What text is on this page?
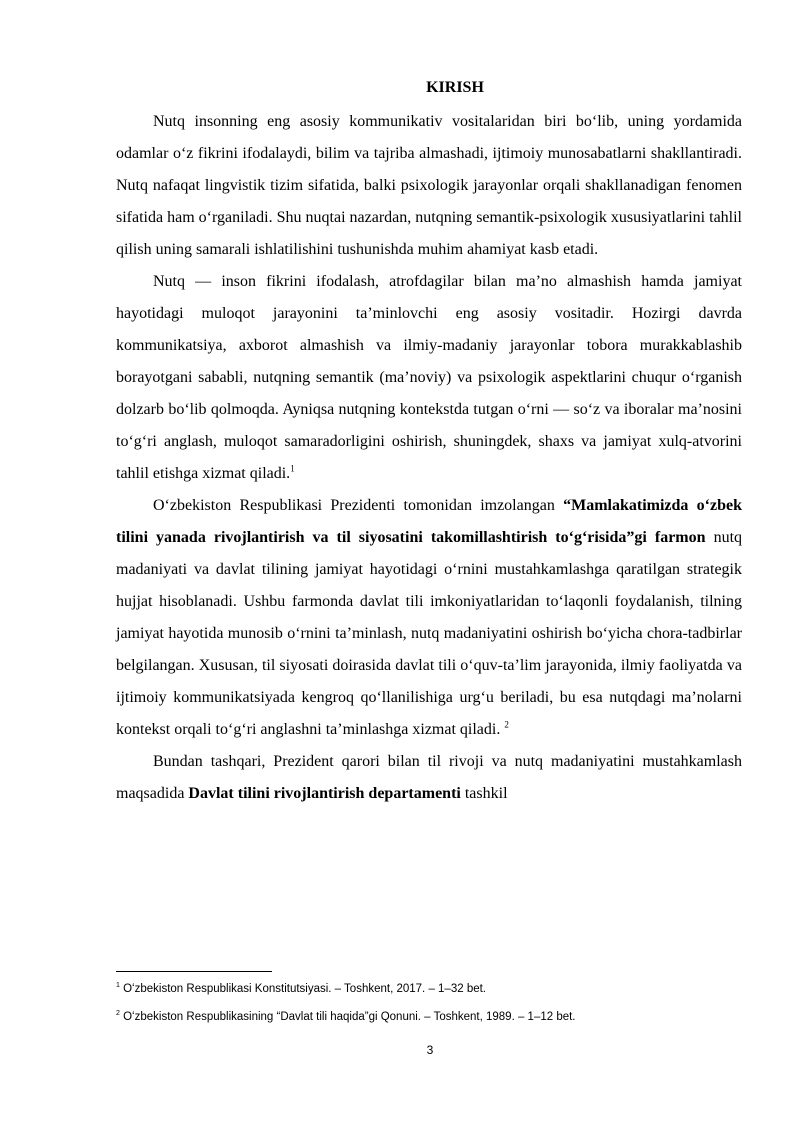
KIRISH

Nutq insonning eng asosiy kommunikativ vositalaridan biri boʻlib, uning yordamida odamlar oʻz fikrini ifodalaydi, bilim va tajriba almashadi, ijtimoiy munosabatlarni shakllantiradi. Nutq nafaqat lingvistik tizim sifatida, balki psixologik jarayonlar orqali shakllanadigan fenomen sifatida ham oʻrganiladi. Shu nuqtai nazardan, nutqning semantik-psixologik xususiyatlarini tahlil qilish uning samarali ishlatilishini tushunishda muhim ahamiyat kasb etadi.

Nutq — inson fikrini ifodalash, atrofdagilar bilan maʼno almashish hamda jamiyat hayotidagi muloqot jarayonini taʼminlovchi eng asosiy vositadir. Hozirgi davrda kommunikatsiya, axborot almashish va ilmiy-madaniy jarayonlar tobora murakkablashib borayotgani sababli, nutqning semantik (maʼnoviy) va psixologik aspektlarini chuqur oʻrganish dolzarb boʻlib qolmoqda. Ayniqsa nutqning kontekstda tutgan oʻrni — soʻz va iboralar maʼnosini toʻgʻri anglash, muloqot samaradorligini oshirish, shuningdek, shaxs va jamiyat xulq-atvorini tahlil etishga xizmat qiladi.$^1$

Oʻzbekiston Respublikasi Prezidenti tomonidan imzolangan “Mamlakatimizda oʻzbek tilini yanada rivojlantirish va til siyosatini takomillashtirish toʻgʻrisida”gi farmon nutq madaniyati va davlat tilining jamiyat hayotidagi oʻrnini mustahkamlashga qaratilgan strategik hujjat hisoblanadi. Ushbu farmonda davlat tili imkoniyatlaridan toʻlaqonli foydalanish, tilning jamiyat hayotida munosib oʻrnini taʼminlash, nutq madaniyatini oshirish boʻyicha chora-tadbirlar belgilangan. Xususan, til siyosati doirasida davlat tili oʻquv-taʼlim jarayonida, ilmiy faoliyatda va ijtimoiy kommunikatsiyada kengroq qoʻllanilishiga urgʻu beriladi, bu esa nutqdagi maʼnolarni kontekst orqali toʻgʻri anglashni taʼminlashga xizmat qiladi. $^2$

Bundan tashqari, Prezident qarori bilan til rivoji va nutq madaniyatini mustahkamlash maqsadida Davlat tilini rivojlantirish departamenti tashkil

$^1$ Oʻzbekiston Respublikasi Konstitutsiyasi. – Toshkent, 2017. – 1–32 bet.
$^2$ Oʻzbekiston Respublikasining “Davlat tili haqida”gi Qonuni. – Toshkent, 1989. – 1–12 bet.
3
